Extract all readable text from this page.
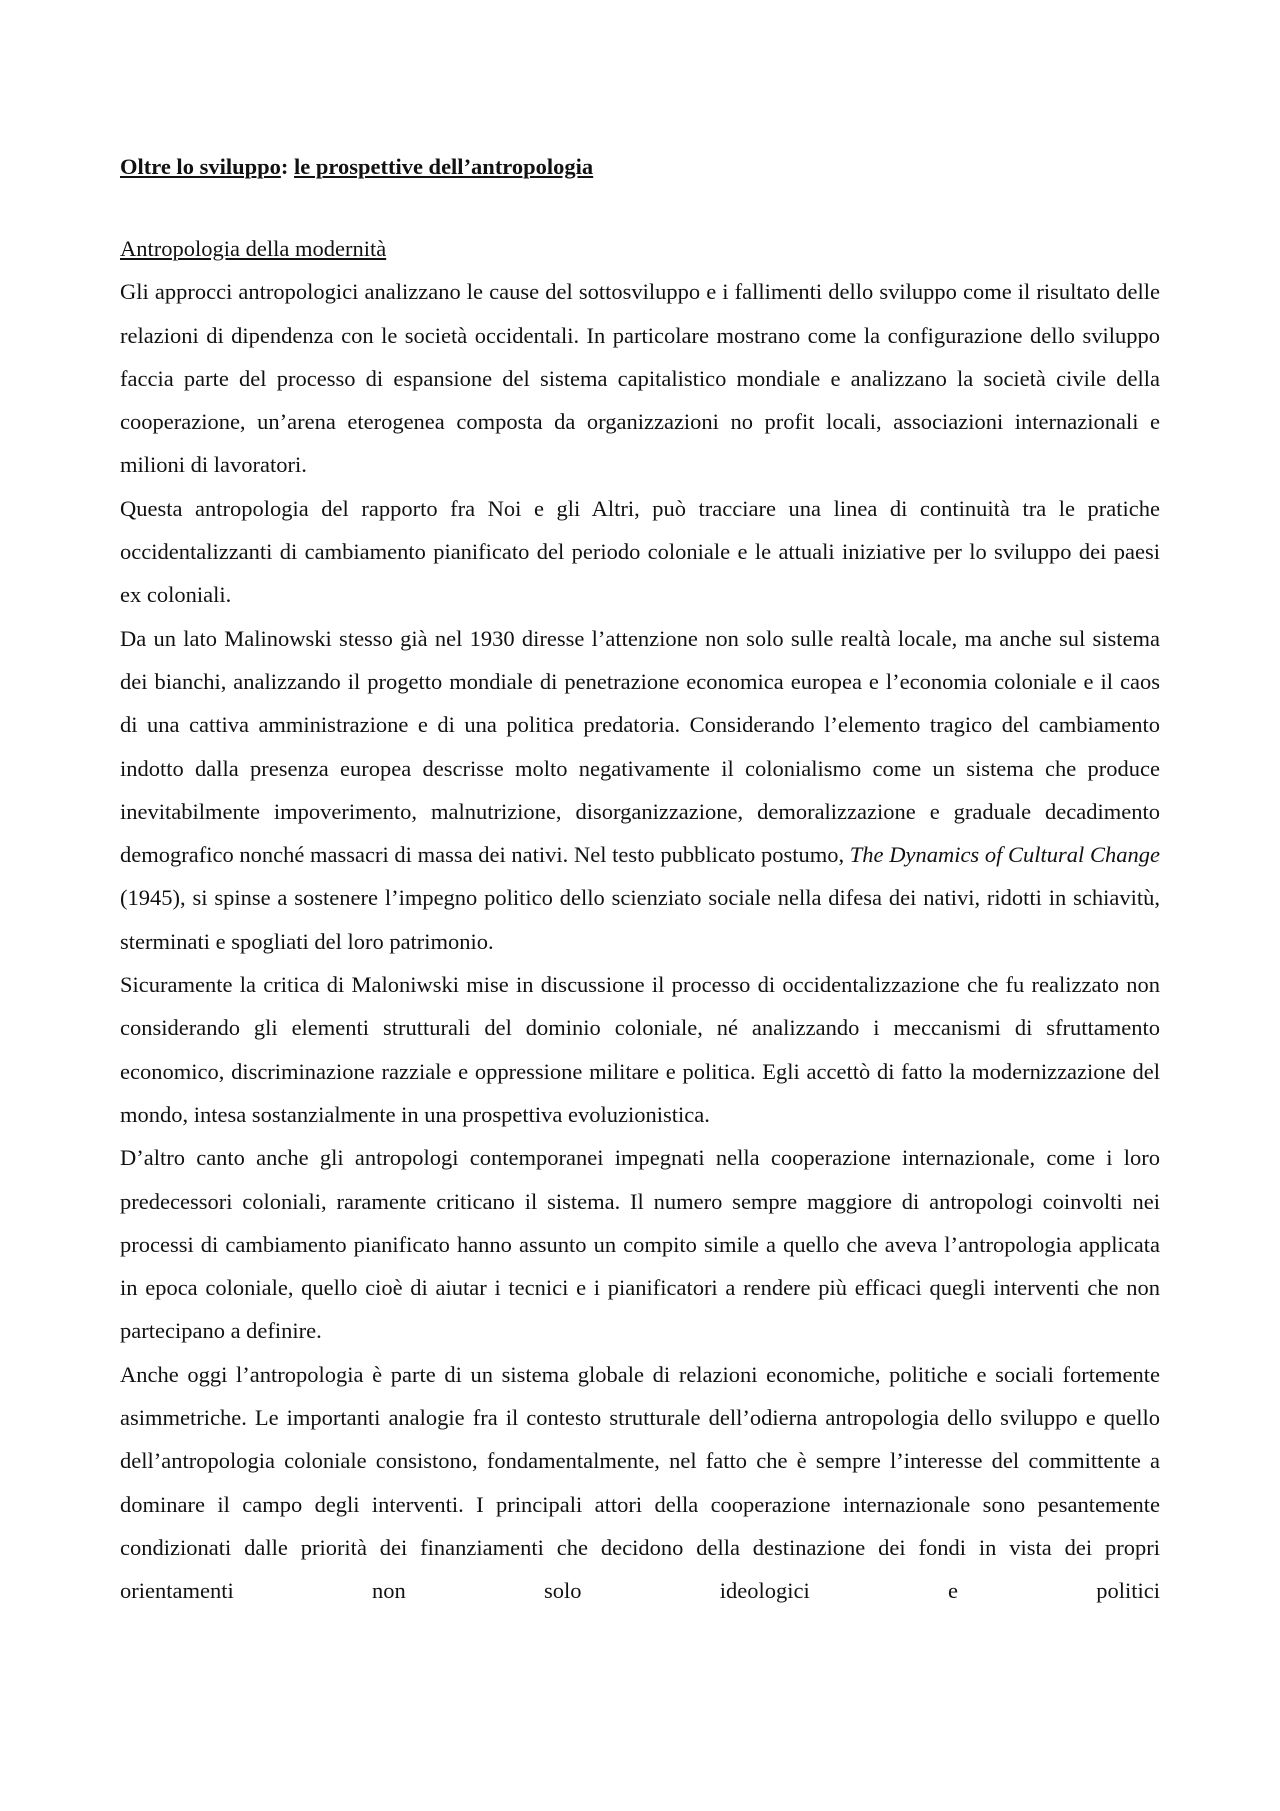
Oltre lo sviluppo: le prospettive dell’antropologia

Antropologia della modernità

Gli approcci antropologici analizzano le cause del sottosviluppo e i fallimenti dello sviluppo come il risultato delle relazioni di dipendenza con le società occidentali. In particolare mostrano come la configurazione dello sviluppo faccia parte del processo di espansione del sistema capitalistico mondiale e analizzano la società civile della cooperazione, un’arena eterogenea composta da organizzazioni no profit locali, associazioni internazionali e milioni di lavoratori.

Questa antropologia del rapporto fra Noi e gli Altri, può tracciare una linea di continuità tra le pratiche occidentalizzanti di cambiamento pianificato del periodo coloniale e le attuali iniziative per lo sviluppo dei paesi ex coloniali.

Da un lato Malinowski stesso già nel 1930 diresse l’attenzione non solo sulle realtà locale, ma anche sul sistema dei bianchi, analizzando il progetto mondiale di penetrazione economica europea e l’economia coloniale e il caos di una cattiva amministrazione e di una politica predatoria. Considerando l’elemento tragico del cambiamento indotto dalla presenza europea descrisse molto negativamente il colonialismo come un sistema che produce inevitabilmente impoverimento, malnutrizione, disorganizzazione, demoralizzazione e graduale decadimento demografico nonché massacri di massa dei nativi. Nel testo pubblicato postumo, The Dynamics of Cultural Change (1945), si spinse a sostenere l’impegno politico dello scienziato sociale nella difesa dei nativi, ridotti in schiavitù, sterminati e spogliati del loro patrimonio.

Sicuramente la critica di Maloniwski mise in discussione il processo di occidentalizzazione che fu realizzato non considerando gli elementi strutturali del dominio coloniale, né analizzando i meccanismi di sfruttamento economico, discriminazione razziale e oppressione militare e politica. Egli accettò di fatto la modernizzazione del mondo, intesa sostanzialmente in una prospettiva evoluzionistica.

D’altro canto anche gli antropologi contemporanei impegnati nella cooperazione internazionale, come i loro predecessori coloniali, raramente criticano il sistema. Il numero sempre maggiore di antropologi coinvolti nei processi di cambiamento pianificato hanno assunto un compito simile a quello che aveva l’antropologia applicata in epoca coloniale, quello cioè di aiutar i tecnici e i pianificatori a rendere più efficaci quegli interventi che non partecipano a definire.

Anche oggi l’antropologia è parte di un sistema globale di relazioni economiche, politiche e sociali fortemente asimmetriche. Le importanti analogie fra il contesto strutturale dell’odierna antropologia dello sviluppo e quello dell’antropologia coloniale consistono, fondamentalmente, nel fatto che è sempre l’interesse del committente a dominare il campo degli interventi. I principali attori della cooperazione internazionale sono pesantemente condizionati dalle priorità dei finanziamenti che decidono della destinazione dei fondi in vista dei propri orientamenti non solo ideologici e politici
